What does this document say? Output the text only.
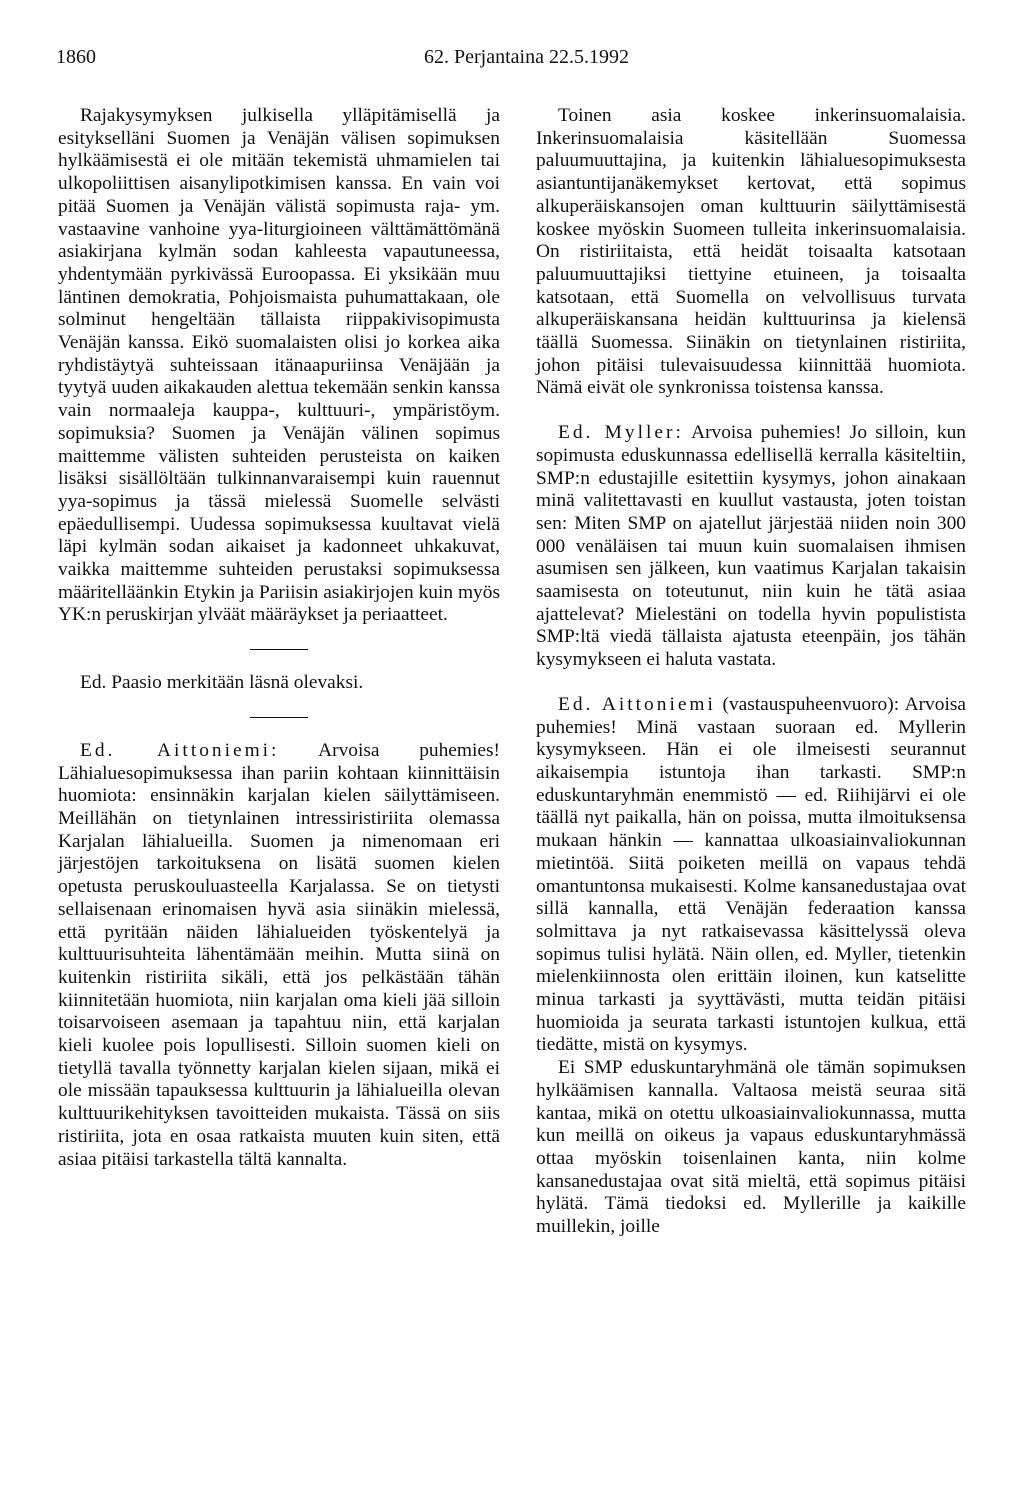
1860	62. Perjantaina 22.5.1992

Rajakysymyksen julkisella ylläpitämisellä ja esitykselläni Suomen ja Venäjän välisen sopimuksen hylkäämisestä ei ole mitään tekemistä uhmamielen tai ulkopoliittisen aisanylipotkimisen kanssa. En vain voi pitää Suomen ja Venäjän välistä sopimusta raja- ym. vastaavine vanhoine yya-liturgioineen välttämättömänä asiakirjana kylmän sodan kahleesta vapautuneessa, yhdentymään pyrkivässä Euroopassa. Ei yksikään muu läntinen demokratia, Pohjoismaista puhumattakaan, ole solminut hengeltään tällaista riippakivisopimusta Venäjän kanssa. Eikö suomalaisten olisi jo korkea aika ryhdistäytyä suhteissaan itänaapuriinsa Venäjään ja tyytyä uuden aikakauden alettua tekemään senkin kanssa vain normaaleja kauppa-, kulttuuri-, ympäristöym. sopimuksia? Suomen ja Venäjän välinen sopimus maittemme välisten suhteiden perusteista on kaiken lisäksi sisällöltään tulkinnanvaraisempi kuin rauennut yya-sopimus ja tässä mielessä Suomelle selvästi epäedullisempi. Uudessa sopimuksessa kuultavat vielä läpi kylmän sodan aikaiset ja kadonneet uhkakuvat, vaikka maittemme suhteiden perustaksi sopimuksessa määritelläänkin Etykin ja Pariisin asiakirjojen kuin myös YK:n peruskirjan ylväät määräykset ja periaatteet.

Ed. Paasio merkitään läsnä olevaksi.

Ed. Aittoniemi: Arvoisa puhemies! Lähialuesopimuksessa ihan pariin kohtaan kiinnittäisin huomiota: ensinnäkin karjalan kielen säilyttämiseen. Meillähän on tietynlainen intressiristiriita olemassa Karjalan lähialueilla. Suomen ja nimenomaan eri järjestöjen tarkoituksena on lisätä suomen kielen opetusta peruskouluasteella Karjalassa. Se on tietysti sellaisenaan erinomaisen hyvä asia siinäkin mielessä, että pyritään näiden lähialueiden työskentelyä ja kulttuurisuhteita lähentämään meihin. Mutta siinä on kuitenkin ristiriita sikäli, että jos pelkästään tähän kiinnitetään huomiota, niin karjalan oma kieli jää silloin toisarvoiseen asemaan ja tapahtuu niin, että karjalan kieli kuolee pois lopullisesti. Silloin suomen kieli on tietyllä tavalla työnnetty karjalan kielen sijaan, mikä ei ole missään tapauksessa kulttuurin ja lähialueilla olevan kulttuurikehityksen tavoitteiden mukaista. Tässä on siis ristiriita, jota en osaa ratkaista muuten kuin siten, että asiaa pitäisi tarkastella tältä kannalta.

Toinen asia koskee inkerinsuomalaisia. Inkerinsuomalaisia käsitellään Suomessa paluumuuttajina, ja kuitenkin lähialuesopimuksesta asiantuntijanäkemykset kertovat, että sopimus alkuperäiskansojen oman kulttuurin säilyttämisestä koskee myöskin Suomeen tulleita inkerinsuomalaisia. On ristiriitaista, että heidät toisaalta katsotaan paluumuuttajiksi tiettyine etuineen, ja toisaalta katsotaan, että Suomella on velvollisuus turvata alkuperäiskansana heidän kulttuurinsa ja kielensä täällä Suomessa. Siinäkin on tietynlainen ristiriita, johon pitäisi tulevaisuudessa kiinnittää huomiota. Nämä eivät ole synkronissa toistensa kanssa.

Ed. Myller: Arvoisa puhemies! Jo silloin, kun sopimusta eduskunnassa edellisellä kerralla käsiteltiin, SMP:n edustajille esitettiin kysymys, johon ainakaan minä valitettavasti en kuullut vastausta, joten toistan sen: Miten SMP on ajatellut järjestää niiden noin 300 000 venäläisen tai muun kuin suomalaisen ihmisen asumisen sen jälkeen, kun vaatimus Karjalan takaisin saamisesta on toteutunut, niin kuin he tätä asiaa ajattelevat? Mielestäni on todella hyvin populistista SMP:ltä viedä tällaista ajatusta eteenpäin, jos tähän kysymykseen ei haluta vastata.

Ed. Aittoniemi (vastauspuheenvuoro): Arvoisa puhemies! Minä vastaan suoraan ed. Myllerin kysymykseen. Hän ei ole ilmeisesti seurannut aikaisempia istuntoja ihan tarkasti. SMP:n eduskuntaryhmän enemmistö — ed. Riihijärvi ei ole täällä nyt paikalla, hän on poissa, mutta ilmoituksensa mukaan hänkin — kannattaa ulkoasiainvaliokunnan mietintöä. Siitä poiketen meillä on vapaus tehdä omantuntonsa mukaisesti. Kolme kansanedustajaa ovat sillä kannalla, että Venäjän federaation kanssa solmittava ja nyt ratkaisevassa käsittelyssä oleva sopimus tulisi hylätä. Näin ollen, ed. Myller, tietenkin mielenkiinnosta olen erittäin iloinen, kun katselitte minua tarkasti ja syyttävästi, mutta teidän pitäisi huomioida ja seurata tarkasti istuntojen kulkua, että tiedätte, mistä on kysymys.

Ei SMP eduskuntaryhmänä ole tämän sopimuksen hylkäämisen kannalla. Valtaosa meistä seuraa sitä kantaa, mikä on otettu ulkoasiainvaliokunnassa, mutta kun meillä on oikeus ja vapaus eduskuntaryhmässä ottaa myöskin toisenlainen kanta, niin kolme kansanedustajaa ovat sitä mieltä, että sopimus pitäisi hylätä. Tämä tiedoksi ed. Myllerille ja kaikille muillekin, joille
